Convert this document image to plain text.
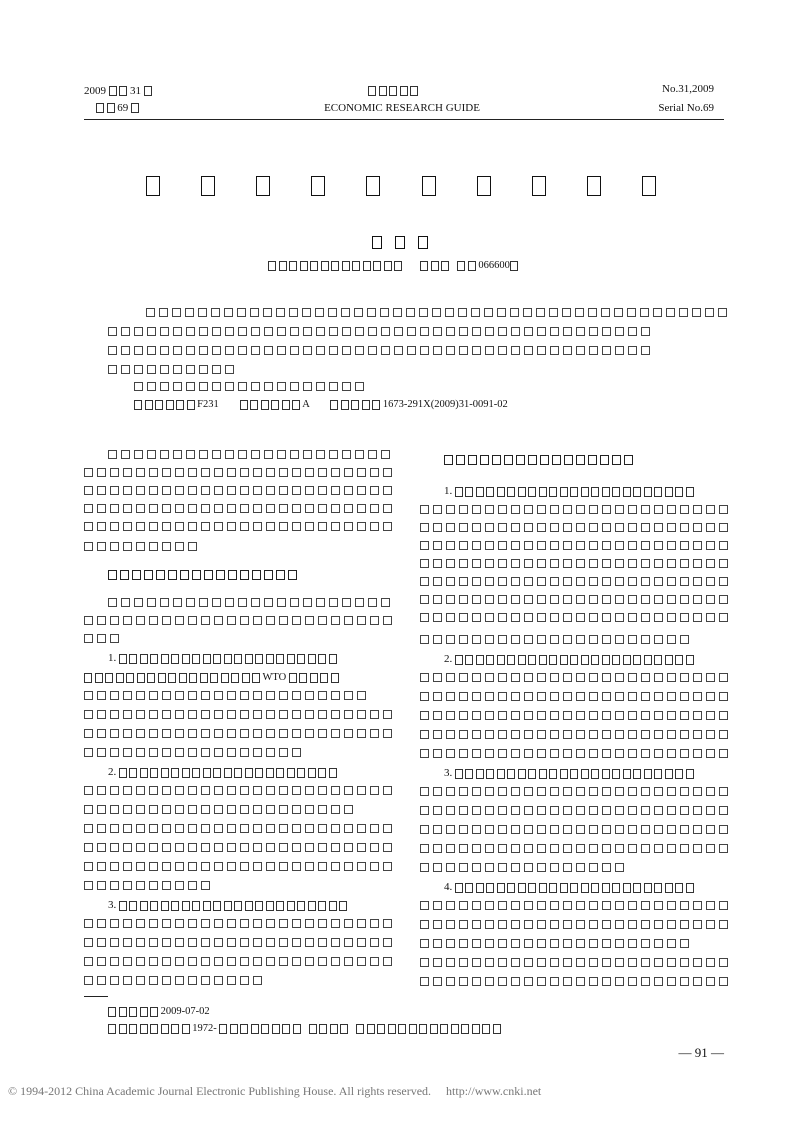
2009 31
69	ECONOMIC RESEARCH GUIDE
No.31,2009
Serial No.69

066600
F231	A	1673-291X(2009)31-0091-02
1.
WTO
2.
3.
1.
2.
3.
4.
2009-07-02

1972-

— 91 —
© 1994-2012 China Academic Journal Electronic Publishing House. All rights reserved. http://www.cnki.net
